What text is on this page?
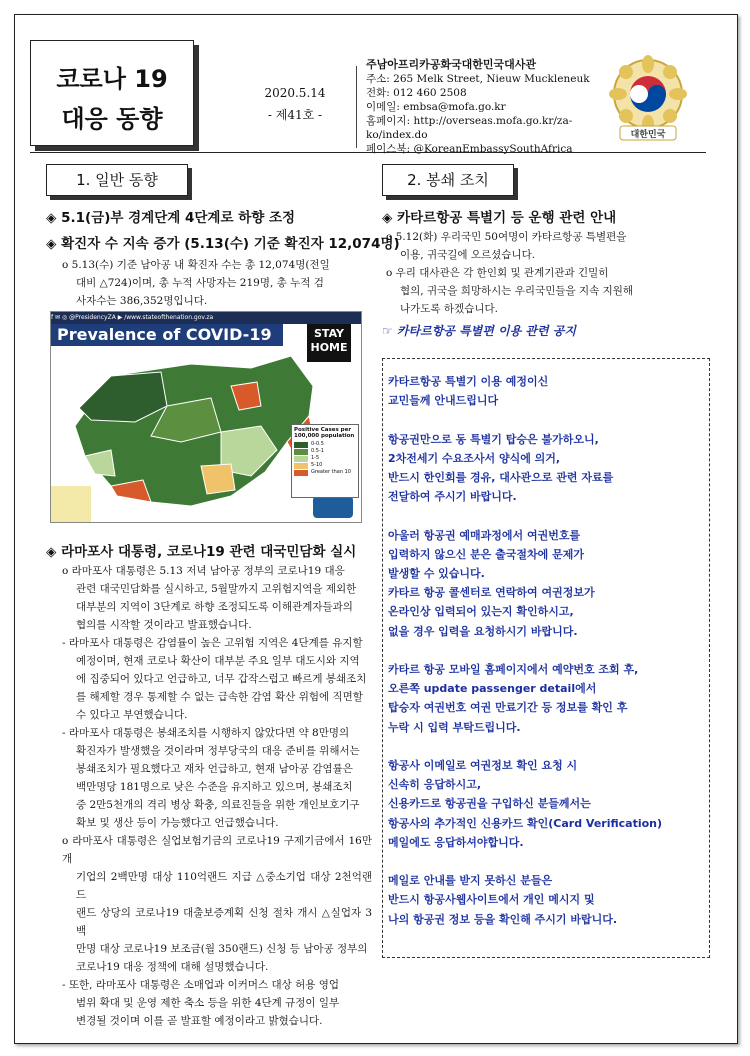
코로나 19
대응 동향
2020.5.14
- 제41호 -
주남아프리카공화국대한민국대사관
주소: 265 Melk Street, Nieuw Muckleneuk
전화: 012 460 2508
이메일: embsa@mofa.go.kr
홈페이지: http://overseas.mofa.go.kr/za-ko/index.do
페이스북: @KoreanEmbassySouthAfrica
대한민국
1. 일반 동향
◈ 5.1(금)부 경계단계 4단계로 하향 조정
◈ 확진자 수 지속 증가 (5.13(수) 기준 확진자 12,074명)
o 5.13(수) 기준 남아공 내 확진자 수는 총 12,074명(전일
대비 △724)이며, 총 누적 사망자는 219명, 총 누적 검
사자수는 386,352명입니다.
f ✉ ◎ @PresidencyZA ▶ /www.stateofthenation.gov.za
Prevalence of COVID-19	STAY
HOME
Positive Cases per 100,000 population
0-0.5
0.5-1
1-5
5-10
Greater than 10
◈ 라마포사 대통령, 코로나19 관련 대국민담화 실시
o 라마포사 대통령은 5.13 저녁 남아공 정부의 코로나19 대응
관련 대국민담화를 실시하고, 5월말까지 고위험지역을 제외한
대부분의 지역이 3단계로 하향 조정되도록 이해관계자들과의
협의를 시작할 것이라고 발표했습니다.
- 라마포사 대통령은 감염률이 높은 고위험 지역은 4단계를 유지할
예정이며, 현재 코로나 확산이 대부분 주요 일부 대도시와 지역
에 집중되어 있다고 언급하고, 너무 갑작스럽고 빠르게 봉쇄조치
를 해제할 경우 통제할 수 없는 급속한 감염 확산 위험에 직면할
수 있다고 부연했습니다.
- 라마포사 대통령은 봉쇄조치를 시행하지 않았다면 약 8만명의
확진자가 발생했을 것이라며 정부당국의 대응 준비를 위해서는
봉쇄조치가 필요했다고 재차 언급하고, 현재 남아공 감염률은
백만명당 181명으로 낮은 수준을 유지하고 있으며, 봉쇄조치
중 2만5천개의 격리 병상 확충, 의료진들을 위한 개인보호기구
확보 및 생산 등이 가능했다고 언급했습니다.
o 라마포사 대통령은 실업보험기금의 코로나19 구제기금에서 16만개
기업의 2백만명 대상 110억랜드 지급 △중소기업 대상 2천억랜드
랜드 상당의 코로나19 대출보증계획 신청 절차 개시 △실업자 3백
만명 대상 코로나19 보조금(월 350랜드) 신청 등 남아공 정부의
코로나19 대응 정책에 대해 설명했습니다.
- 또한, 라마포사 대통령은 소매업과 이커머스 대상 허용 영업
범위 확대 및 운영 제한 축소 등을 위한 4단계 규정이 일부
변경될 것이며 이를 곧 발표할 예정이라고 밝혔습니다.
2. 봉쇄 조치
◈ 카타르항공 특별기 등 운행 관련 안내
o 5.12(화) 우리국민 50여명이 카타르항공 특별편을
이용, 귀국길에 오르셨습니다.
o 우리 대사관은 각 한인회 및 관계기관과 긴밀히
협의, 귀국을 희망하시는 우리국민들을 지속 지원해
나가도록 하겠습니다.
☞ 카타르항공 특별편 이용 관련 공지
카타르항공 특별기 이용 예정이신
교민들께 안내드립니다
항공권만으로 동 특별기 탑승은 불가하오니,
2차전세기 수요조사서 양식에 의거,
반드시 한인회를 경유, 대사관으로 관련 자료를
전달하여 주시기 바랍니다.
아울러 항공권 예매과정에서 여권번호를
입력하지 않으신 분은 출국절차에 문제가
발생할 수 있습니다.
카타르 항공 콜센터로 연락하여 여권정보가
온라인상 입력되어 있는지 확인하시고,
없을 경우 입력을 요청하시기 바랍니다.
카타르 항공 모바일 홈페이지에서 예약번호 조회 후,
오른쪽 update passenger detail에서
탑승자 여권번호 여권 만료기간 등 정보를 확인 후
누락 시 입력 부탁드립니다.
항공사 이메일로 여권정보 확인 요청 시
신속히 응답하시고,
신용카드로 항공권을 구입하신 분들께서는
항공사의 추가적인 신용카드 확인(Card Verification)
메일에도 응답하셔야합니다.
메일로 안내를 받지 못하신 분들은
반드시 항공사웹사이트에서 개인 메시지 및
나의 항공권 정보 등을 확인해 주시기 바랍니다.
